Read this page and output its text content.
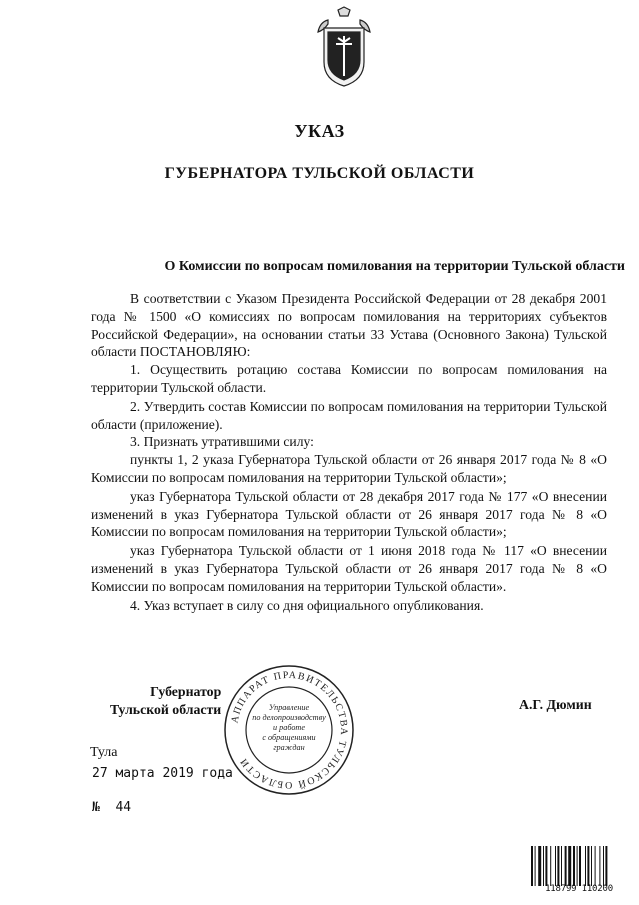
УКАЗ
ГУБЕРНАТОРА ТУЛЬСКОЙ ОБЛАСТИ
О Комиссии по вопросам помилования на территории Тульской области

В соответствии с Указом Президента Российской Федерации от 28 декабря 2001 года № 1500 «О комиссиях по вопросам помилования на территориях субъектов Российской Федерации», на основании статьи 33 Устава (Основного Закона) Тульской области ПОСТАНОВЛЯЮ:

1. Осуществить ротацию состава Комиссии по вопросам помилования на территории Тульской области.

2. Утвердить состав Комиссии по вопросам помилования на территории Тульской области (приложение).

3. Признать утратившими силу:

пункты 1, 2 указа Губернатора Тульской области от 26 января 2017 года № 8 «О Комиссии по вопросам помилования на территории Тульской области»;

указ Губернатора Тульской области от 28 декабря 2017 года № 177 «О внесении изменений в указ Губернатора Тульской области от 26 января 2017 года № 8 «О Комиссии по вопросам помилования на территории Тульской области»;

указ Губернатора Тульской области от 1 июня 2018 года № 117 «О внесении изменений в указ Губернатора Тульской области от 26 января 2017 года № 8 «О Комиссии по вопросам помилования на территории Тульской области».

4. Указ вступает в силу со дня официального опубликования.

Губернатор
Тульской области	А.Г. Дюмин
АППАРАТ ПРАВИТЕЛЬСТВА ТУЛЬСКОЙ ОБЛАСТИ
Управление
по делопроизводству
и работе
с обращениями
граждан
Тула
27 марта 2019 года
№ 44
118799 110200
